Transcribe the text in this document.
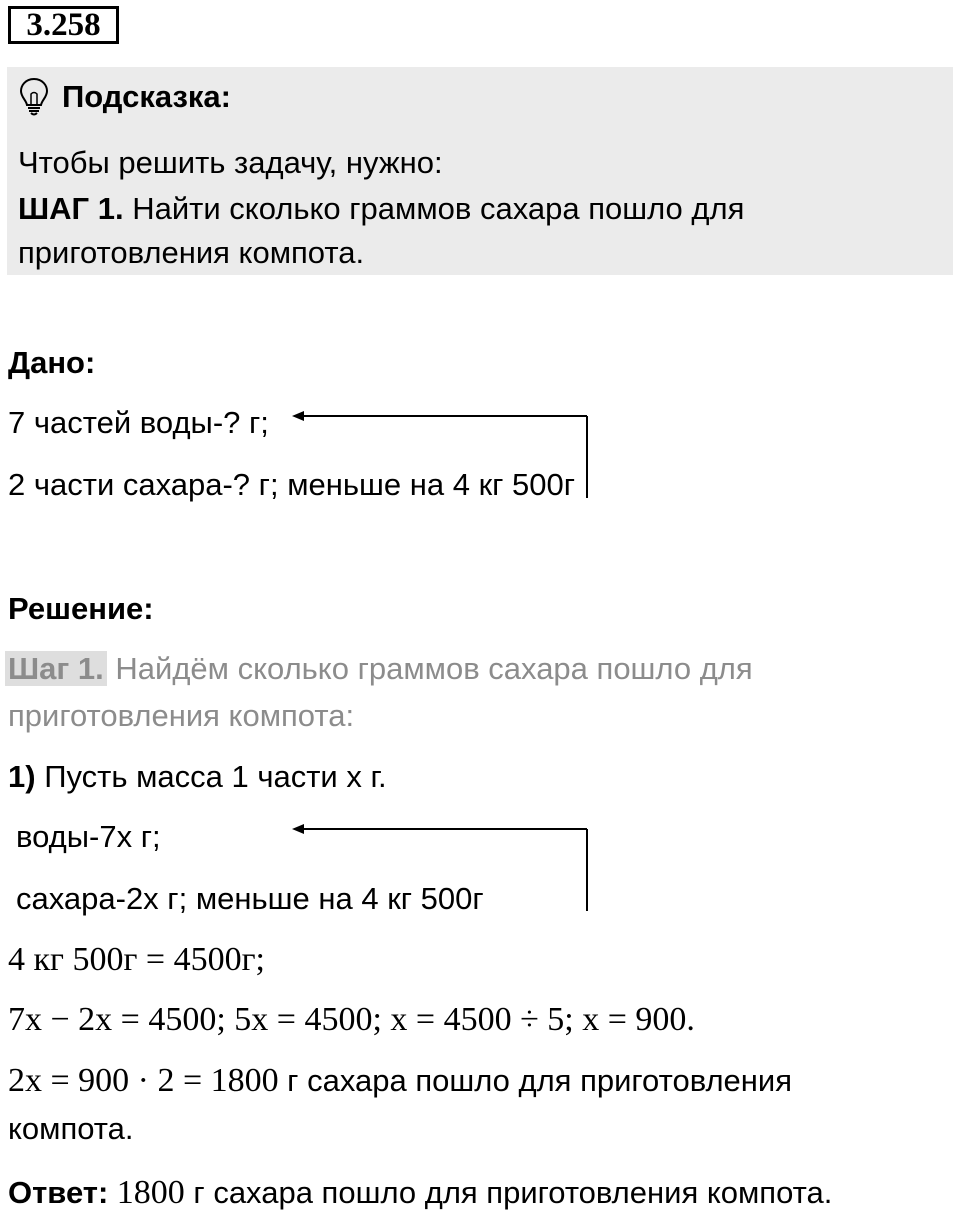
3.258
Подсказка:
Чтобы решить задачу, нужно:
ШАГ 1. Найти сколько граммов сахара пошло для
приготовления компота.
Дано:
7 частей воды-? г;
2 части сахара-? г; меньше на 4 кг 500г
Решение:
Шаг 1. Найдём сколько граммов сахара пошло для
приготовления компота:
1) Пусть масса 1 части х г.
воды-7х г;
сахара-2х г; меньше на 4 кг 500г
4 кг 500г = 4500г;
7х − 2х = 4500; 5х = 4500; х = 4500 ÷ 5; х = 900.
2х = 900 · 2 = 1800 г сахара пошло для приготовления
компота.
Ответ: 1800 г сахара пошло для приготовления компота.
